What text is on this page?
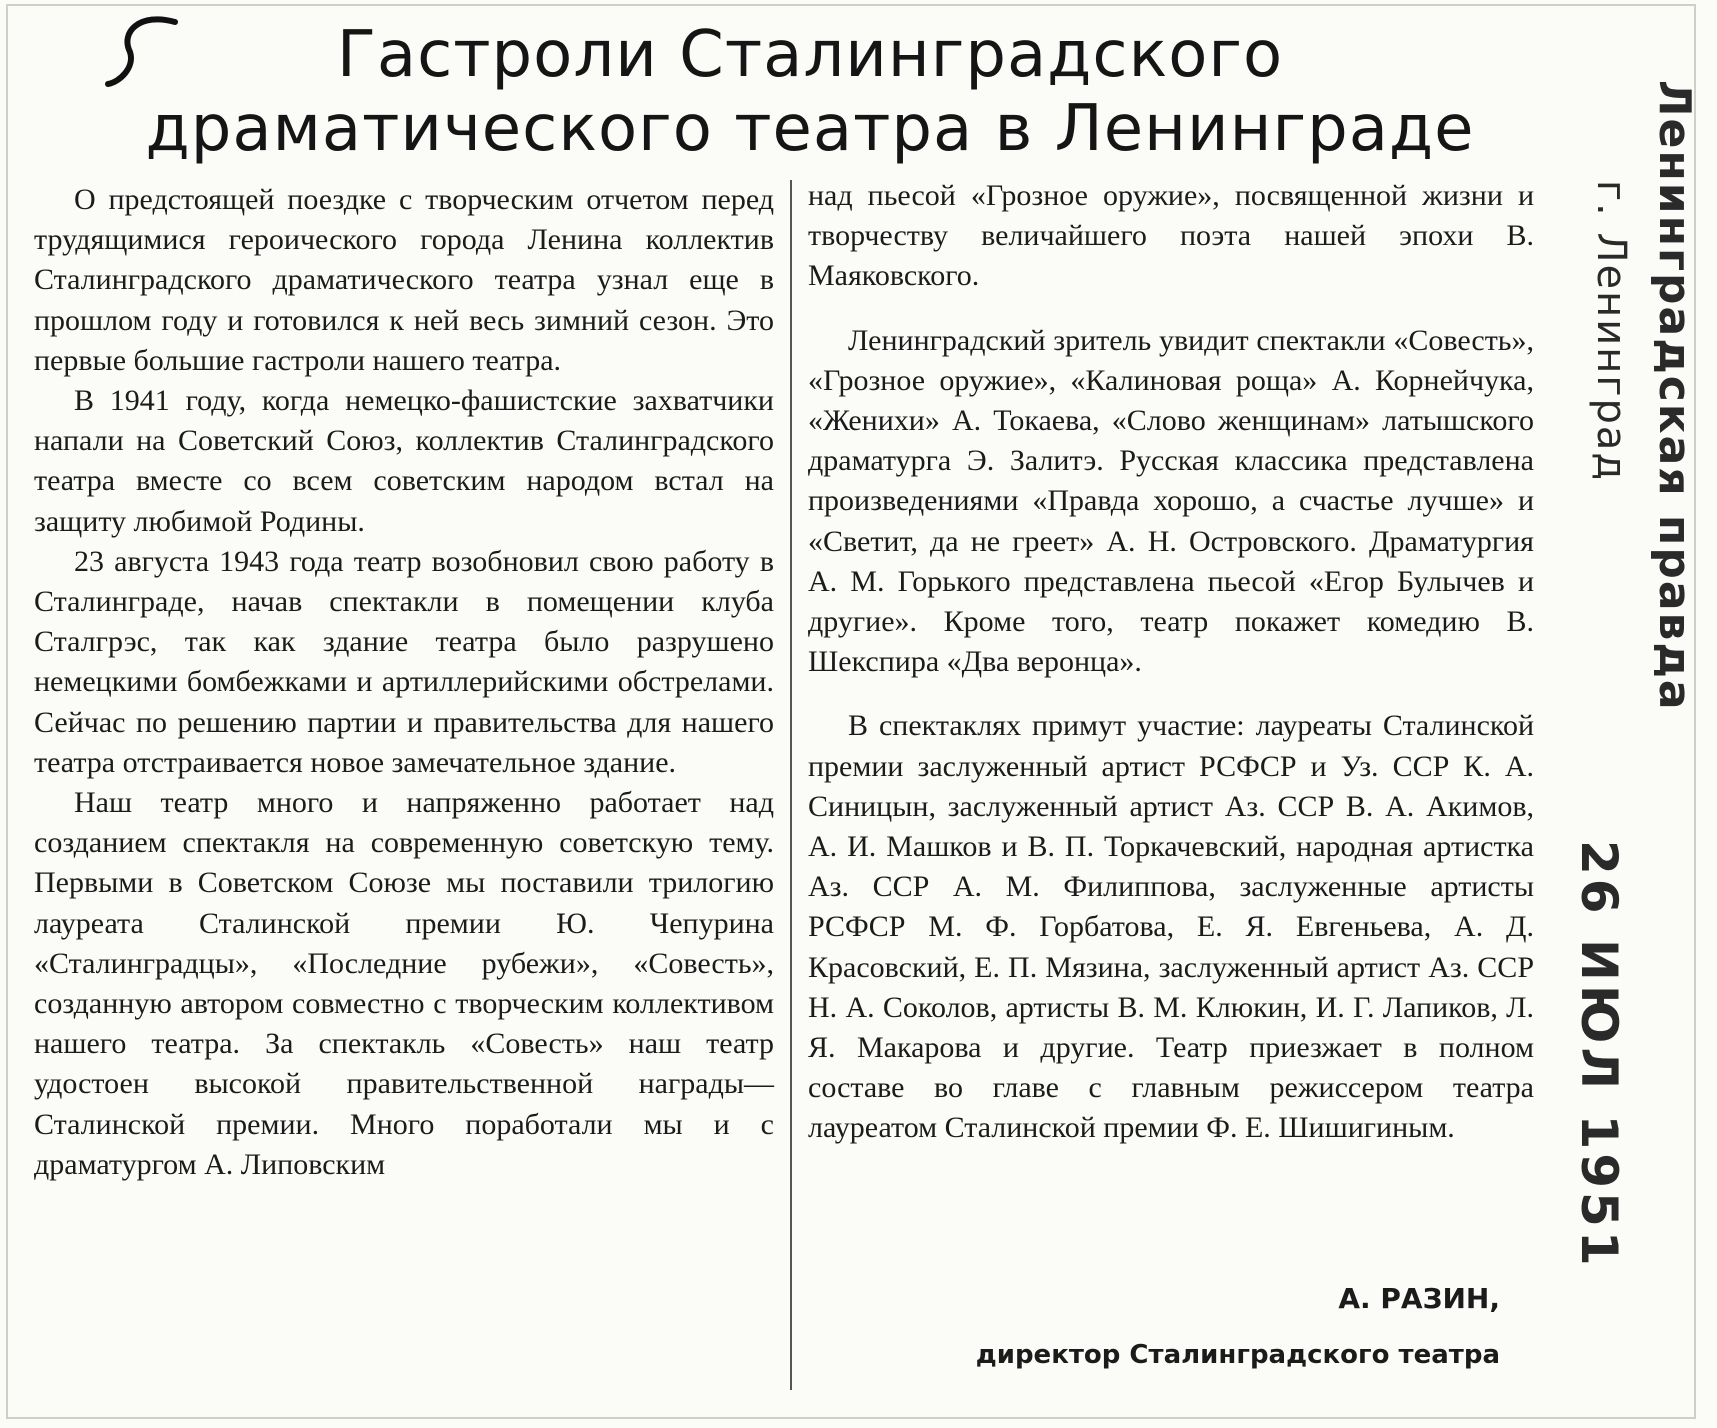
Гастроли Сталинградского
драматического театра в Ленинграде

О предстоящей поездке с творческим отчетом перед трудящимися героического города Ленина коллектив Сталинградского драматического театра узнал еще в прошлом году и готовился к ней весь зимний сезон. Это первые большие гастроли нашего театра.

В 1941 году, когда немецко-фашистские захватчики напали на Советский Союз, коллектив Сталинградского театра вместе со всем советским народом встал на защиту любимой Родины.

23 августа 1943 года театр возобновил свою работу в Сталинграде, начав спектакли в помещении клуба Сталгрэс, так как здание театра было разрушено немецкими бомбежками и артиллерийскими обстрелами. Сейчас по решению партии и правительства для нашего театра отстраивается новое замечательное здание.

Наш театр много и напряженно работает над созданием спектакля на современную советскую тему. Первыми в Советском Союзе мы поставили трилогию лауреата Сталинской премии Ю. Чепурина «Сталинградцы», «Последние рубежи», «Совесть», созданную автором совместно с творческим коллективом нашего театра. За спектакль «Совесть» наш театр удостоен высокой правительственной награды—Сталинской премии. Много поработали мы и с драматургом А. Липовским

над пьесой «Грозное оружие», посвященной жизни и творчеству величайшего поэта нашей эпохи В. Маяковского.

Ленинградский зритель увидит спектакли «Совесть», «Грозное оружие», «Калиновая роща» А. Корнейчука, «Женихи» А. Токаева, «Слово женщинам» латышского драматурга Э. Залитэ. Русская классика представлена произведениями «Правда хорошо, а счастье лучше» и «Светит, да не греет» А. Н. Островского. Драматургия А. М. Горького представлена пьесой «Егор Булычев и другие». Кроме того, театр покажет комедию В. Шекспира «Два веронца».

В спектаклях примут участие: лауреаты Сталинской премии заслуженный артист РСФСР и Уз. ССР К. А. Синицын, заслуженный артист Аз. ССР В. А. Акимов, А. И. Машков и В. П. Торкачевский, народная артистка Аз. ССР А. М. Филиппова, заслуженные артисты РСФСР М. Ф. Горбатова, Е. Я. Евгеньева, А. Д. Красовский, Е. П. Мязина, заслуженный артист Аз. ССР Н. А. Соколов, артисты В. М. Клюкин, И. Г. Лапиков, Л. Я. Макарова и другие. Театр приезжает в полном составе во главе с главным режиссером театра лауреатом Сталинской премии Ф. Е. Шишигиным.

А. РАЗИН,
директор Сталинградского театра
Ленинградская правда
г. Ленинград
26 ИЮЛ 1951
